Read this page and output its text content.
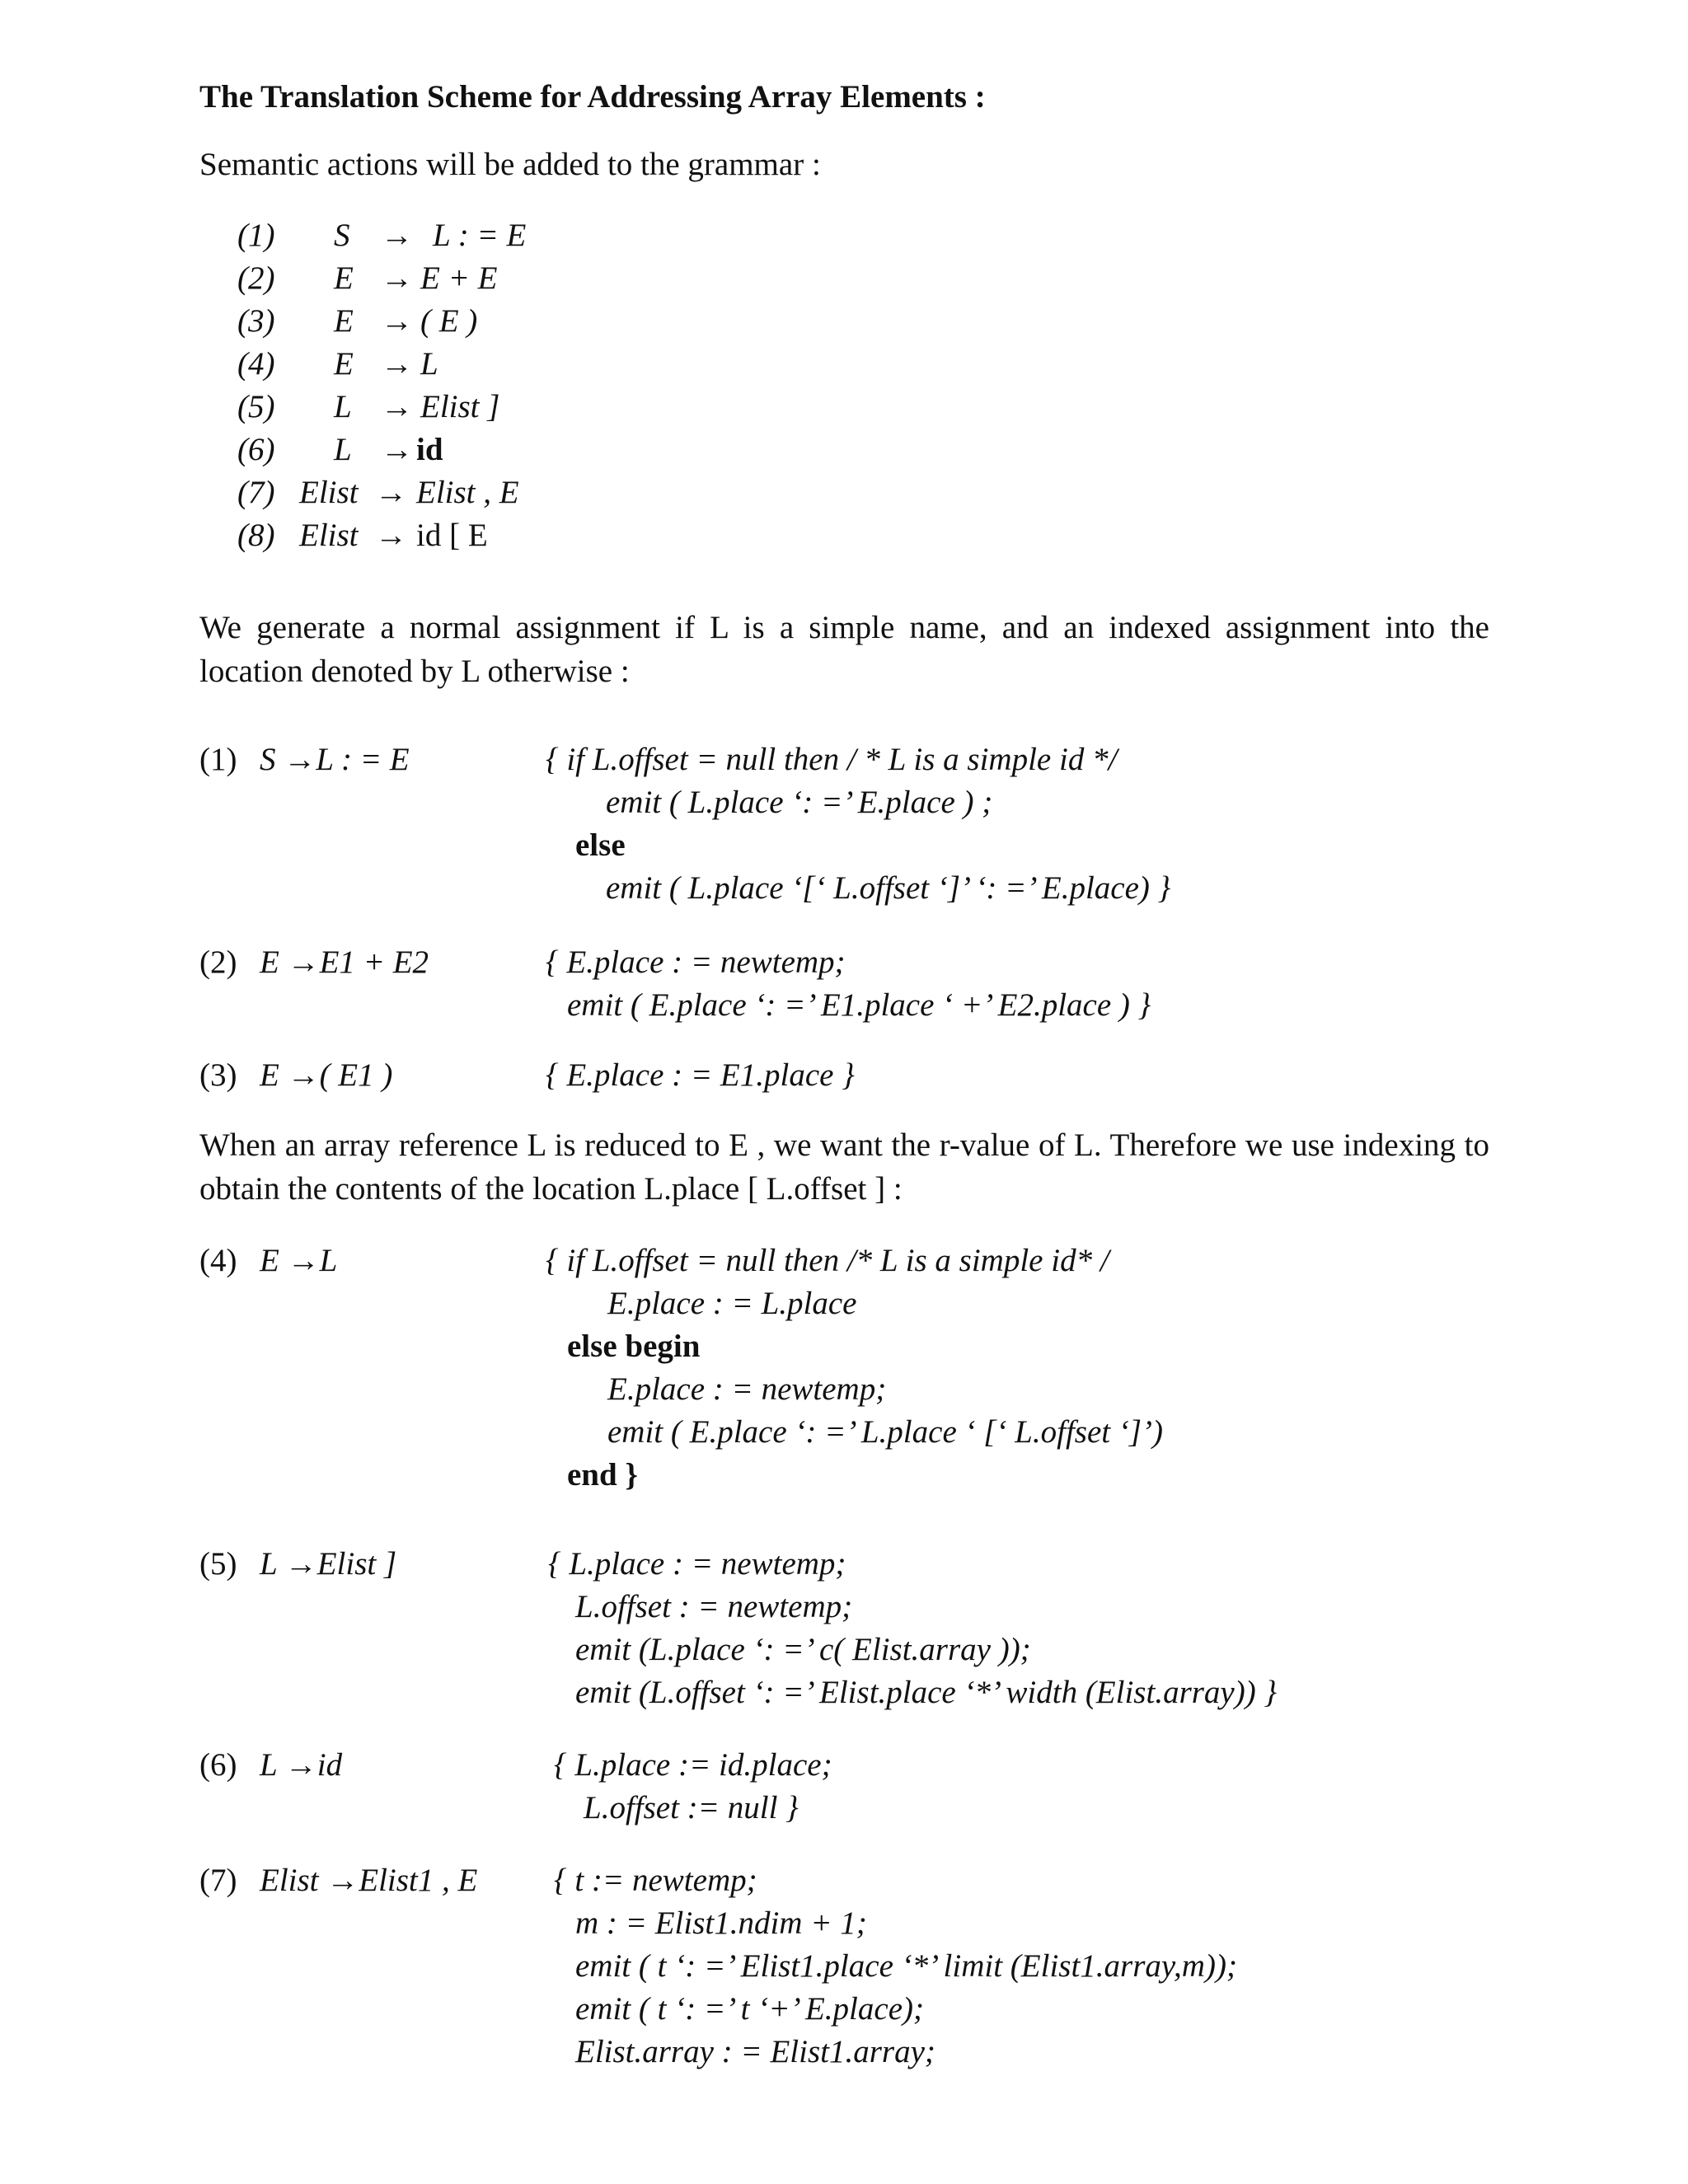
The Translation Scheme for Addressing Array Elements :
Semantic actions will be added to the grammar :
(1) S → L : = E
(2) E → E + E
(3) E → ( E )
(4) E → L
(5) L → Elist ]
(6) L → id
(7) Elist → Elist , E
(8) Elist → id [ E
We generate a normal assignment if L is a simple name, and an indexed assignment into the location denoted by L otherwise :
(1) S →L : = E	{ if L.offset = null then / * L is a simple id */
emit ( L.place ‘: =’ E.place ) ;
else
emit ( L.place ‘[‘ L.offset ‘]’ ‘: =’ E.place) }
(2) E →E1 + E2	{ E.place : = newtemp;
emit ( E.place ‘: =’ E1.place ‘ +’ E2.place ) }
(3) E →( E1 )	{ E.place : = E1.place }
When an array reference L is reduced to E , we want the r-value of L. Therefore we use indexing to obtain the contents of the location L.place [ L.offset ] :
(4) E →L	{ if L.offset = null then /* L is a simple id* /
E.place : = L.place
else begin
E.place : = newtemp;
emit ( E.place ‘: =’ L.place ‘ [‘ L.offset ‘]’)
end }
(5) L →Elist ]	{ L.place : = newtemp;
L.offset : = newtemp;
emit (L.place ‘: =’ c( Elist.array ));
emit (L.offset ‘: =’ Elist.place ‘*’ width (Elist.array)) }
(6) L →id	{ L.place := id.place;
L.offset := null }
(7) Elist →Elist1 , E { t := newtemp;
m : = Elist1.ndim + 1;
emit ( t ‘: =’ Elist1.place ‘*’ limit (Elist1.array,m));
emit ( t ‘: =’ t ‘+’ E.place);
Elist.array : = Elist1.array;
